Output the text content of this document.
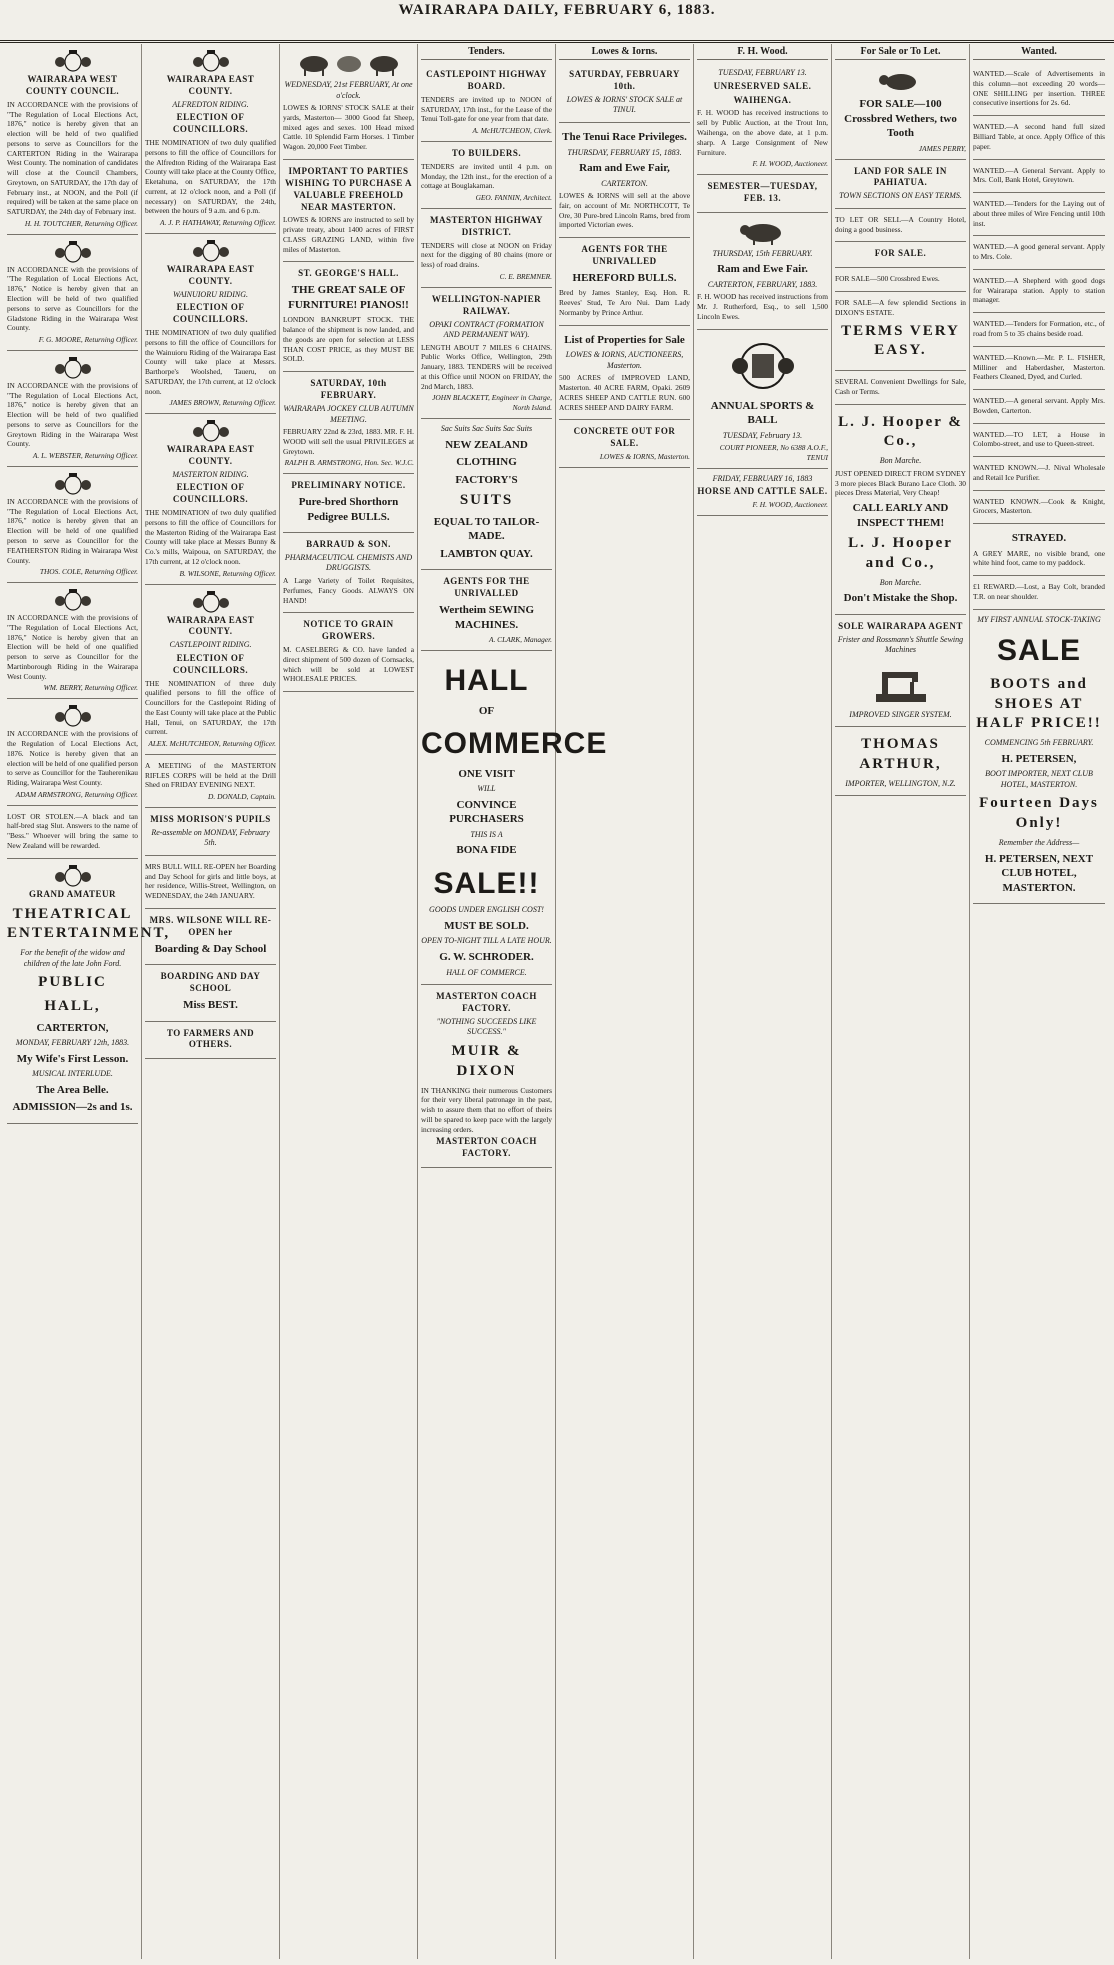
WAIRARAPA DAILY, FEBRUARY 6, 1883.
WAIRARAPA WEST COUNTY COUNCIL.
IN ACCORDANCE with the provisions of "The Regulation of Local Elections Act, 1876," notice is hereby given that an election will be held of two qualified persons to serve as Councillors for the CARTERTON Riding in the Wairarapa West County. The nomination of candidates will close at the Council Chambers, Greytown, on SATURDAY, the 17th day of February inst., at NOON, and the Poll (if required) will be taken at the same place on SATURDAY, the 24th day of February inst.
H. H. TOUTCHER, Returning Officer.
IN ACCORDANCE with the provisions of "The Regulation of Local Elections Act, 1876," Notice is hereby given that an Election will be held of two qualified persons to serve as Councillors for the Gladstone Riding in the Wairarapa West County.
F. G. MOORE, Returning Officer.
IN ACCORDANCE with the provisions of "The Regulation of Local Elections Act, 1876," notice is hereby given that an Election will be held of two qualified persons to serve as Councillors for the Greytown Riding in the Wairarapa West County.
A. L. WEBSTER, Returning Officer.
IN ACCORDANCE with the provisions of "The Regulation of Local Elections Act, 1876," notice is hereby given that an Election will be held of one qualified person to serve as Councillor for the FEATHERSTON Riding in Wairarapa West County.
THOS. COLE, Returning Officer.
IN ACCORDANCE with the provisions of "The Regulation of Local Elections Act, 1876," Notice is hereby given that an Election will be held of one qualified person to serve as Councillor for the Martinborough Riding in the Wairarapa West County.
WM. BERRY, Returning Officer.
IN ACCORDANCE with the provisions of the Regulation of Local Elections Act, 1876. Notice is hereby given that an election will be held of one qualified person to serve as Councillor for the Tauherenikau Riding, Wairarapa West County.
ADAM ARMSTRONG, Returning Officer.
LOST OR STOLEN.—A black and tan half-bred stag Slut. Answers to the name of "Bess." Whoever will bring the same to New Zealand will be rewarded.
GRAND AMATEUR
THEATRICAL ENTERTAINMENT,
For the benefit of the widow and children of the late John Ford.
PUBLIC
HALL,
CARTERTON,
MONDAY, FEBRUARY 12th, 1883.
My Wife's First Lesson.
MUSICAL INTERLUDE.
The Area Belle.
ADMISSION—2s and 1s.
WAIRARAPA EAST COUNTY.
ALFREDTON RIDING.
ELECTION OF COUNCILLORS.
THE NOMINATION of two duly qualified persons to fill the office of Councillors for the Alfredton Riding of the Wairarapa East County will take place at the County Office, Eketahuna, on SATURDAY, the 17th current, at 12 o'clock noon, and a Poll (if necessary) on SATURDAY, the 24th, between the hours of 9 a.m. and 6 p.m.
A. J. P. HATHAWAY, Returning Officer.
WAIRARAPA EAST COUNTY.
WAINUIORU RIDING.
ELECTION OF COUNCILLORS.
THE NOMINATION of two duly qualified persons to fill the office of Councillors for the Wainuioru Riding of the Wairarapa East County will take place at Messrs. Barthorpe's Woolshed, Taueru, on SATURDAY, the 17th current, at 12 o'clock noon.
JAMES BROWN, Returning Officer.
WAIRARAPA EAST COUNTY.
MASTERTON RIDING.
ELECTION OF COUNCILLORS.
THE NOMINATION of two duly qualified persons to fill the office of Councillors for the Masterton Riding of the Wairarapa East County will take place at Messrs Bunny & Co.'s mills, Waipoua, on SATURDAY, the 17th current, at 12 o'clock noon.
B. WILSONE, Returning Officer.
WAIRARAPA EAST COUNTY.
CASTLEPOINT RIDING.
ELECTION OF COUNCILLORS.
THE NOMINATION of three duly qualified persons to fill the office of Councillors for the Castlepoint Riding of the East County will take place at the Public Hall, Tenui, on SATURDAY, the 17th current.
ALEX. McHUTCHEON, Returning Officer.
A MEETING of the MASTERTON RIFLES CORPS will be held at the Drill Shed on FRIDAY EVENING NEXT.
D. DONALD, Captain.
MISS MORISON'S PUPILS
Re-assemble on MONDAY, February 5th.
MRS BULL WILL RE-OPEN her Boarding and Day School for girls and little boys, at her residence, Willis-Street, Wellington, on WEDNESDAY, the 24th JANUARY.
MRS. WILSONE WILL RE-OPEN her
Boarding & Day School
BOARDING AND DAY SCHOOL
Miss BEST.
TO FARMERS AND OTHERS.
WEDNESDAY, 21st FEBRUARY, At one o'clock.
LOWES & IORNS' STOCK SALE at their yards, Masterton— 3000 Good fat Sheep, mixed ages and sexes. 100 Head mixed Cattle. 10 Splendid Farm Horses. 1 Timber Wagon. 20,000 Feet Timber.
IMPORTANT TO PARTIES WISHING TO PURCHASE A VALUABLE FREEHOLD NEAR MASTERTON.
LOWES & IORNS are instructed to sell by private treaty, about 1400 acres of FIRST CLASS GRAZING LAND, within five miles of Masterton.
ST. GEORGE'S HALL.
THE GREAT SALE OF FURNITURE! PIANOS!!
LONDON BANKRUPT STOCK. THE balance of the shipment is now landed, and the goods are open for selection at LESS THAN COST PRICE, as they MUST BE SOLD.
SATURDAY, 10th FEBRUARY.
WAIRARAPA JOCKEY CLUB AUTUMN MEETING.
FEBRUARY 22nd & 23rd, 1883. MR. F. H. WOOD will sell the usual PRIVILEGES at Greytown.
RALPH B. ARMSTRONG, Hon. Sec. W.J.C.
PRELIMINARY NOTICE.
Pure-bred Shorthorn Pedigree BULLS.
BARRAUD & SON.
PHARMACEUTICAL CHEMISTS AND DRUGGISTS.
A Large Variety of Toilet Requisites, Perfumes, Fancy Goods. ALWAYS ON HAND!
NOTICE TO GRAIN GROWERS.
M. CASELBERG & CO. have landed a direct shipment of 500 dozen of Cornsacks, which will be sold at LOWEST WHOLESALE PRICES.
Tenders.
CASTLEPOINT HIGHWAY BOARD.
TENDERS are invited up to NOON of SATURDAY, 17th inst., for the Lease of the Tenui Toll-gate for one year from that date.
A. McHUTCHEON, Clerk.
TO BUILDERS.
TENDERS are invited until 4 p.m. on Monday, the 12th inst., for the erection of a cottage at Bouglakaman.
GEO. FANNIN, Architect.
MASTERTON HIGHWAY DISTRICT.
TENDERS will close at NOON on Friday next for the digging of 80 chains (more or less) of road drains.
C. E. BREMNER.
WELLINGTON-NAPIER RAILWAY.
OPAKI CONTRACT (FORMATION AND PERMANENT WAY).
LENGTH ABOUT 7 MILES 6 CHAINS. Public Works Office, Wellington, 29th January, 1883. TENDERS will be received at this Office until NOON on FRIDAY, the 2nd March, 1883.
JOHN BLACKETT, Engineer in Charge, North Island.
Sac Suits Sac Suits Sac Suits
NEW ZEALAND
CLOTHING
FACTORY'S
SUITS
EQUAL TO TAILOR-MADE.
LAMBTON QUAY.
AGENTS FOR THE UNRIVALLED
Wertheim SEWING MACHINES.
A. CLARK, Manager.
HALL
OF
COMMERCE
ONE VISIT
WILL
CONVINCE PURCHASERS
THIS IS A
BONA FIDE
SALE!!
GOODS UNDER ENGLISH COST!
MUST BE SOLD.
OPEN TO-NIGHT TILL A LATE HOUR.
G. W. SCHRODER.
HALL OF COMMERCE.
MASTERTON COACH FACTORY.
"NOTHING SUCCEEDS LIKE SUCCESS."
MUIR & DIXON
IN THANKING their numerous Customers for their very liberal patronage in the past, wish to assure them that no effort of theirs will be spared to keep pace with the largely increasing orders.
MASTERTON COACH FACTORY.
Lowes & Iorns.
SATURDAY, FEBRUARY 10th.
LOWES & IORNS' STOCK SALE at TINUI.
The Tenui Race Privileges.
THURSDAY, FEBRUARY 15, 1883.
Ram and Ewe Fair,
CARTERTON.
LOWES & IORNS will sell at the above fair, on account of Mr. NORTHCOTT, Te Ore, 30 Pure-bred Lincoln Rams, bred from imported Victorian ewes.
AGENTS FOR THE UNRIVALLED
HEREFORD BULLS.
Bred by James Stanley, Esq. Hon. R. Reeves' Stud, Te Aro Nui. Dam Lady Normanby by Prince Arthur.
List of Properties for Sale
LOWES & IORNS, AUCTIONEERS, Masterton.
500 ACRES of IMPROVED LAND, Masterton. 40 ACRE FARM, Opaki. 2609 ACRES SHEEP AND CATTLE RUN. 600 ACRES SHEEP AND DAIRY FARM.
CONCRETE OUT FOR SALE.
LOWES & IORNS, Masterton.
F. H. Wood.
TUESDAY, FEBRUARY 13.
UNRESERVED SALE.
WAIHENGA.
F. H. WOOD has received instructions to sell by Public Auction, at the Trout Inn, Waihenga, on the above date, at 1 p.m. sharp. A Large Consignment of New Furniture.
F. H. WOOD, Auctioneer.
SEMESTER—TUESDAY, FEB. 13.
THURSDAY, 15th FEBRUARY.
Ram and Ewe Fair.
CARTERTON, FEBRUARY, 1883.
F. H. WOOD has received instructions from Mr. J. Rutherford, Esq., to sell 1,500 Lincoln Ewes.
ANNUAL SPORTS & BALL
TUESDAY, February 13.
COURT PIONEER, No 6388 A.O.F., TENUI
FRIDAY, FEBRUARY 16, 1883
HORSE AND CATTLE SALE.
F. H. WOOD, Auctioneer.
For Sale or To Let.
FOR SALE—100 Crossbred Wethers, two Tooth
JAMES PERRY,
LAND FOR SALE IN PAHIATUA.
TOWN SECTIONS ON EASY TERMS.
TO LET OR SELL—A Country Hotel, doing a good business.
FOR SALE.
FOR SALE—500 Crossbred Ewes.
FOR SALE—A few splendid Sections in DIXON'S ESTATE.
TERMS VERY EASY.
SEVERAL Convenient Dwellings for Sale, Cash or Terms.
L. J. Hooper & Co.,
Bon Marche.
JUST OPENED DIRECT FROM SYDNEY 3 more pieces Black Burano Lace Cloth. 30 pieces Dress Material, Very Cheap!
CALL EARLY AND INSPECT THEM!
L. J. Hooper and Co.,
Bon Marche.
Don't Mistake the Shop.
SOLE WAIRARAPA AGENT
Frister and Rossmann's Shuttle Sewing Machines
IMPROVED SINGER SYSTEM.
THOMAS ARTHUR,
IMPORTER, WELLINGTON, N.Z.
Wanted.
WANTED.—Scale of Advertisements in this column—not exceeding 20 words—ONE SHILLING per insertion. THREE consecutive insertions for 2s. 6d.
WANTED.—A second hand full sized Billiard Table, at once. Apply Office of this paper.
WANTED.—A General Servant. Apply to Mrs. Coll, Bank Hotel, Greytown.
WANTED.—Tenders for the Laying out of about three miles of Wire Fencing until 10th inst.
WANTED.—A good general servant. Apply to Mrs. Cole.
WANTED.—A Shepherd with good dogs for Wairarapa station. Apply to station manager.
WANTED.—Tenders for Formation, etc., of road from 5 to 35 chains beside road.
WANTED.—Known.—Mr. P. L. FISHER, Milliner and Haberdasher, Masterton. Feathers Cleaned, Dyed, and Curled.
WANTED.—A general servant. Apply Mrs. Bowden, Carterton.
WANTED.—TO LET, a House in Colombo-street, and use to Queen-street.
WANTED KNOWN.—J. Nival Wholesale and Retail Ice Purifier.
WANTED KNOWN.—Cook & Knight, Grocers, Masterton.
STRAYED.
A GREY MARE, no visible brand, one white hind foot, came to my paddock.
£1 REWARD.—Lost, a Bay Colt, branded T.R. on near shoulder.
MY FIRST ANNUAL STOCK-TAKING
SALE
BOOTS and SHOES AT HALF PRICE!!
COMMENCING 5th FEBRUARY.
H. PETERSEN,
BOOT IMPORTER, NEXT CLUB HOTEL, MASTERTON.
Fourteen Days Only!
Remember the Address—
H. PETERSEN, NEXT CLUB HOTEL, MASTERTON.
